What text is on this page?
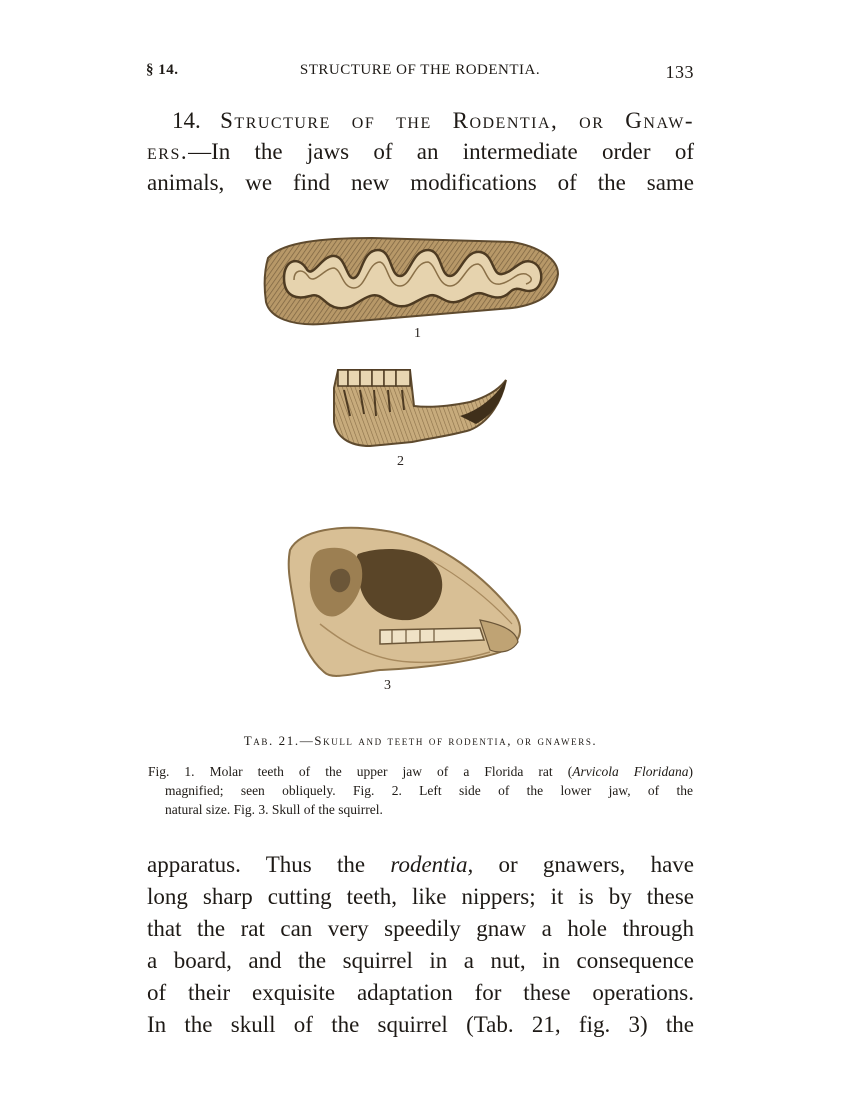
§ 14.	STRUCTURE OF THE RODENTIA.	133
14. Structure of the Rodentia, or Gnaw-
ers.—In the jaws of an intermediate order of
animals, we find new modifications of the same
1
2
3
Tab. 21.—Skull and teeth of rodentia, or gnawers.
Fig. 1. Molar teeth of the upper jaw of a Florida rat (Arvicola Floridana)
magnified; seen obliquely. Fig. 2. Left side of the lower jaw, of the
natural size. Fig. 3. Skull of the squirrel.
apparatus. Thus the rodentia, or gnawers, have
long sharp cutting teeth, like nippers; it is by these
that the rat can very speedily gnaw a hole through
a board, and the squirrel in a nut, in consequence
of their exquisite adaptation for these operations.
In the skull of the squirrel (Tab. 21, fig. 3) the
